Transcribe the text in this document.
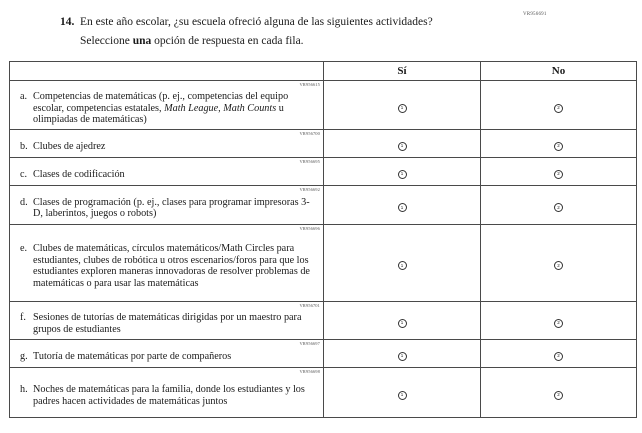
VR956691
14. En este año escolar, ¿su escuela ofreció alguna de las siguientes actividades?
Seleccione una opción de respuesta en cada fila.
	Sí	No

VR956615
a. Competencias de matemáticas (p. ej., competencias del equipo escolar, competencias estatales, Math League, Math Counts u olimpiadas de matemáticas)	1	2

VR956700
b. Clubes de ajedrez	1	2

VR956695
c. Clases de codificación	1	2

VR956692
d. Clases de programación (p. ej., clases para programar impresoras 3-D, laberintos, juegos o robots)	1	2

VR956696
e. Clubes de matemáticas, círculos matemáticos/Math Circles para estudiantes, clubes de robótica u otros escenarios/foros para que los estudiantes exploren maneras innovadoras de resolver problemas de matemáticas o para usar las matemáticas	1	2

VR956701
f. Sesiones de tutorías de matemáticas dirigidas por un maestro para grupos de estudiantes	1	2

VR956697
g. Tutoría de matemáticas por parte de compañeros	1	2

VR956698
h. Noches de matemáticas para la familia, donde los estudiantes y los padres hacen actividades de matemáticas juntos	1	2
